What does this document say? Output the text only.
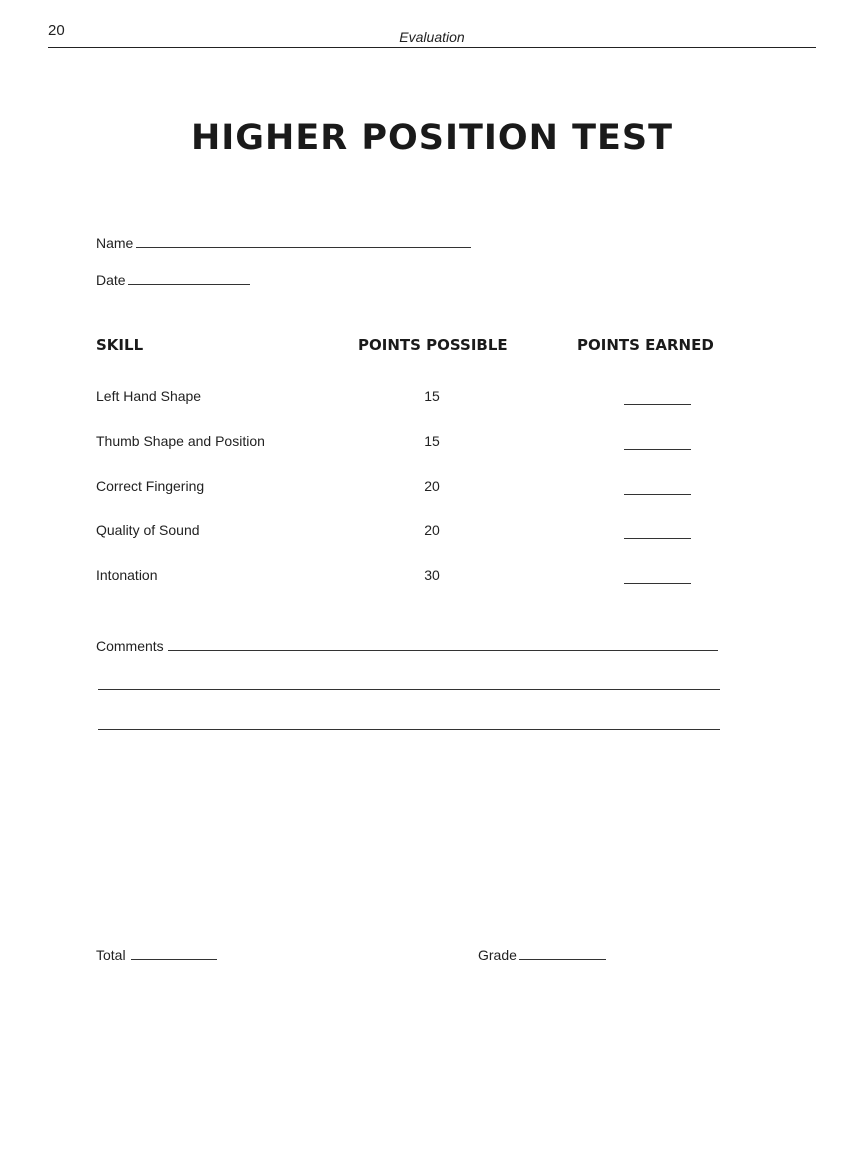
20	Evaluation
HIGHER POSITION TEST
Name
Date
SKILL	POINTS POSSIBLE	POINTS EARNED
Left Hand Shape	15
Thumb Shape and Position	15
Correct Fingering	20
Quality of Sound	20
Intonation	30
Comments
Total	Grade
